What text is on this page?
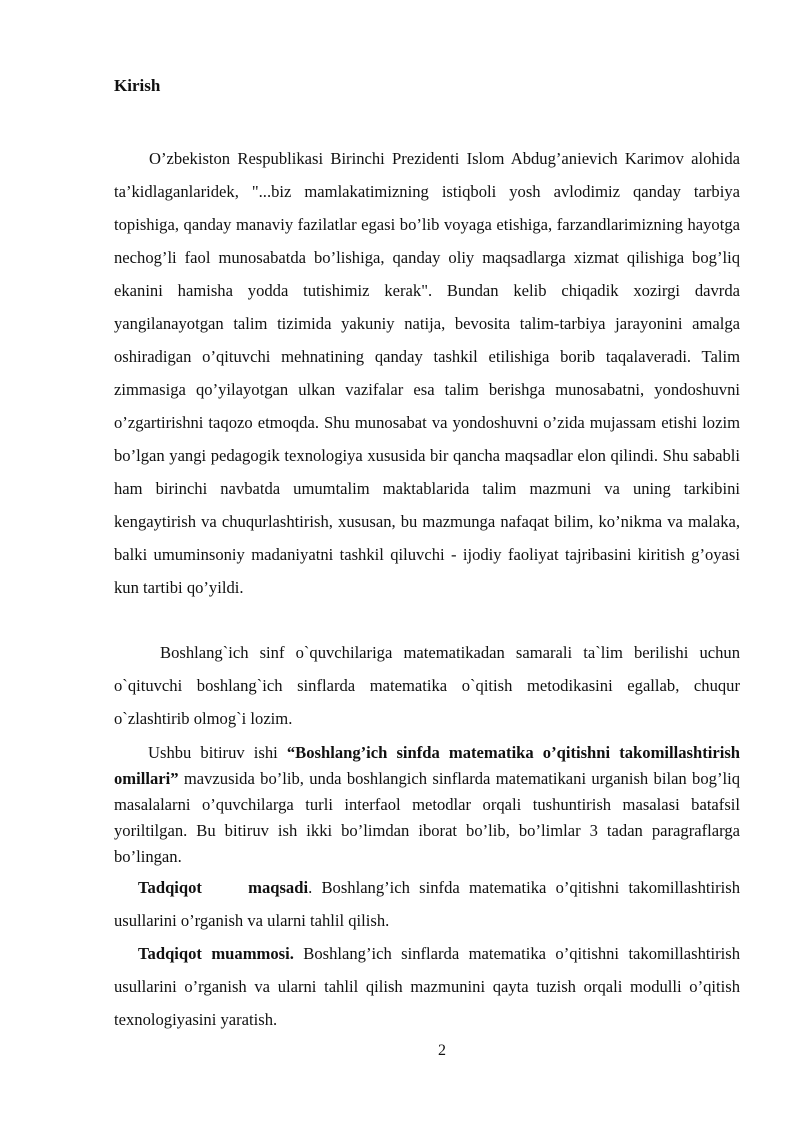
Kirish

O’zbekiston Respublikasi Birinchi Prezidenti Islom Abdug’anievich Karimov alohida ta’kidlaganlaridek, "...biz mamlakatimizning istiqboli yosh avlodimiz qanday tarbiya topishiga, qanday manaviy fazilatlar egasi bo’lib voyaga etishiga, farzandlarimizning hayotga nechog’li faol munosabatda bo’lishiga, qanday oliy maqsadlarga xizmat qilishiga bog’liq ekanini hamisha yodda tutishimiz kerak". Bundan kelib chiqadik xozirgi davrda yangilanayotgan talim tizimida yakuniy natija, bevosita talim-tarbiya jarayonini amalga oshiradigan o’qituvchi mehnatining qanday tashkil etilishiga borib taqalaveradi. Talim zimmasiga qo’yilayotgan ulkan vazifalar esa talim berishga munosabatni, yondoshuvni o’zgartirishni taqozo etmoqda. Shu munosabat va yondoshuvni o’zida mujassam etishi lozim bo’lgan yangi pedagogik texnologiya xususida bir qancha maqsadlar elon qilindi. Shu sababli ham birinchi navbatda umumtalim maktablarida talim mazmuni va uning tarkibini kengaytirish va chuqurlashtirish, xususan, bu mazmunga nafaqat bilim, ko’nikma va malaka, balki umuminsoniy madaniyatni tashkil qiluvchi - ijodiy faoliyat tajribasini kiritish g’oyasi kun tartibi qo’yildi.

Boshlang`ich sinf o`quvchilariga matematikadan samarali ta`lim berilishi uchun o`qituvchi boshlang`ich sinflarda matematika o`qitish metodikasini egallab, chuqur o`zlashtirib olmog`i lozim.

Ushbu bitiruv ishi “Boshlang’ich sinfda matematika o’qitishni takomillashtirish omillari” mavzusida bo’lib, unda boshlangich sinflarda matematikani urganish bilan bog’liq masalalarni o’quvchilarga turli interfaol metodlar orqali tushuntirish masalasi batafsil yoriltilgan. Bu bitiruv ish ikki bo’limdan iborat bo’lib, bo’limlar 3 tadan paragraflarga bo’lingan.

Tadqiqot     maqsadi. Boshlang’ich sinfda matematika o’qitishni takomillashtirish usullarini o’rganish va ularni tahlil qilish.

Tadqiqot muammosi. Boshlang’ich sinflarda matematika o’qitishni takomillashtirish usullarini o’rganish va ularni tahlil qilish mazmunini qayta tuzish orqali modulli o’qitish texnologiyasini yaratish.

2
